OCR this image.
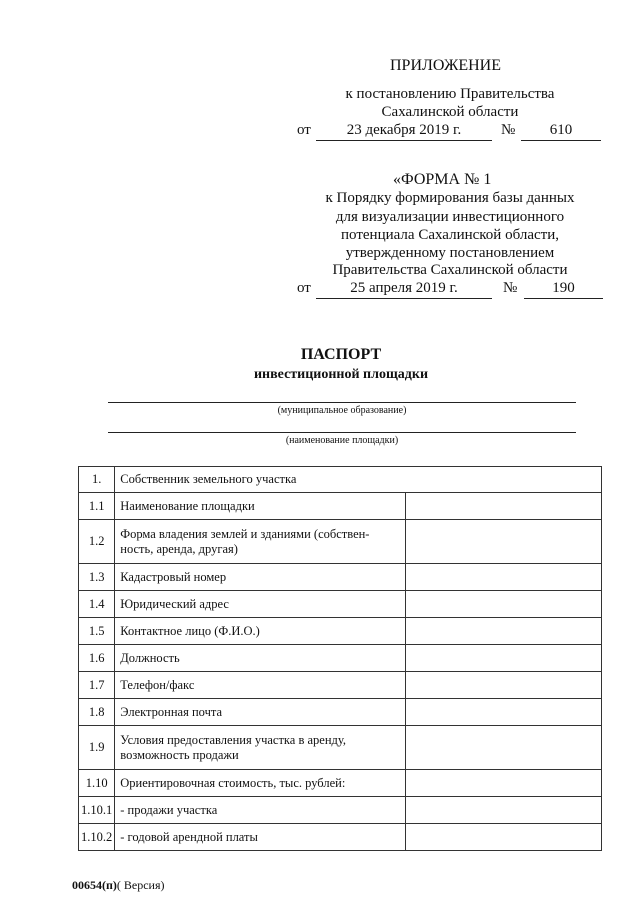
ПРИЛОЖЕНИЕ
к постановлению Правительства
Сахалинской области
от	23 декабря 2019 г.	№	610
«ФОРМА № 1
к Порядку формирования базы данных
для визуализации инвестиционного
потенциала Сахалинской области,
утвержденному постановлением
Правительства Сахалинской области
от	25 апреля 2019 г.	№	190
ПАСПОРТ
инвестиционной площадки
(муниципальное образование)
(наименование площадки)
1.	Собственник земельного участка	
1.1	Наименование площадки	
1.2	Форма владения землей и зданиями (собствен-ность, аренда, другая)	
1.3	Кадастровый номер	
1.4	Юридический адрес	
1.5	Контактное лицо (Ф.И.О.)	
1.6	Должность	
1.7	Телефон/факс	
1.8	Электронная почта	
1.9	Условия предоставления участка в аренду, возможность продажи	
1.10	Ориентировочная стоимость, тыс. рублей:	
1.10.1	- продажи участка	
1.10.2	- годовой арендной платы	
00654(п)( Версия)
